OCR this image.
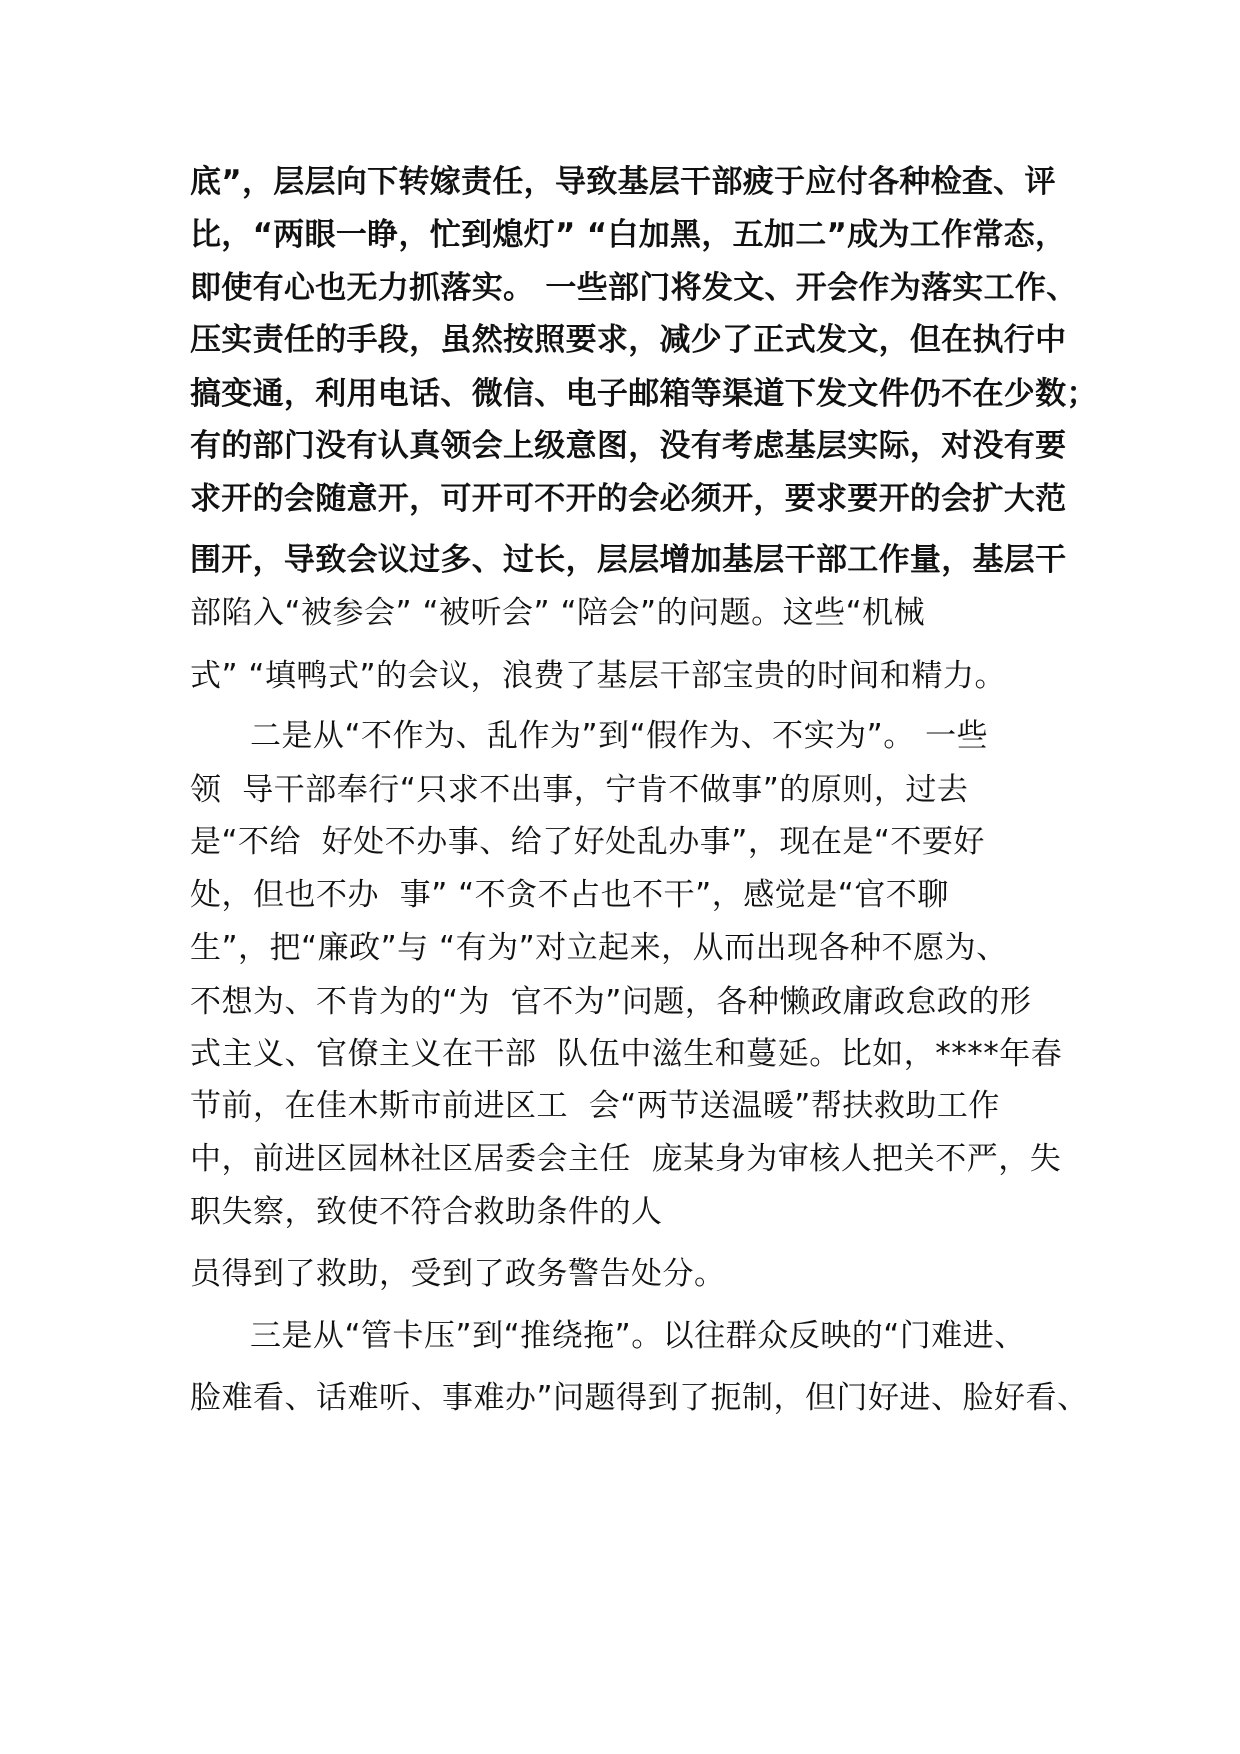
底”，层层向下转嫁责任，导致基层干部疲于应付各种检查、评
比，“两眼一睁，忙到熄灯” “白加黑，五加二”成为工作常态，
即使有心也无力抓落实。 一些部门将发文、开会作为落实工作、
压实责任的手段，虽然按照要求，减少了正式发文，但在执行中
搞变通，利用电话、微信、电子邮箱等渠道下发文件仍不在少数；
有的部门没有认真领会上级意图，没有考虑基层实际，对没有要
求开的会随意开，可开可不开的会必须开，要求要开的会扩大范
围开，导致会议过多、过长，层层增加基层干部工作量，基层干
部陷入“被参会” “被听会” “陪会”的问题。这些“机械
式” “填鸭式”的会议，浪费了基层干部宝贵的时间和精力。
二是从“不作为、乱作为”到“假作为、不实为”。 一些
领  导干部奉行“只求不出事，宁肯不做事”的原则，过去
是“不给  好处不办事、给了好处乱办事”，现在是“不要好
处，但也不办  事” “不贪不占也不干”，感觉是“官不聊
生”，把“廉政”与 “有为”对立起来，从而出现各种不愿为、
不想为、不肯为的“为  官不为”问题，各种懒政庸政怠政的形
式主义、官僚主义在干部  队伍中滋生和蔓延。比如，****年春
节前，在佳木斯市前进区工  会“两节送温暖”帮扶救助工作
中，前进区园林社区居委会主任  庞某身为审核人把关不严，失
职失察，致使不符合救助条件的人
员得到了救助，受到了政务警告处分。
三是从“管卡压”到“推绕拖”。以往群众反映的“门难进、
脸难看、话难听、事难办”问题得到了扼制，但门好进、脸好看、
